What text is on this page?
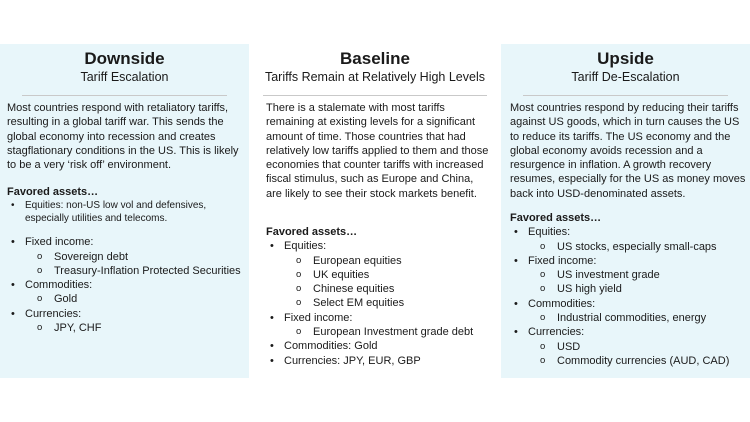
Downside
Tariff Escalation

Most countries respond with retaliatory tariffs, resulting in a global tariff war. This sends the global economy into recession and creates stagflationary conditions in the US. This is likely to be a very ‘risk off’ environment.

Favored assets…
• Equities: non-US low vol and defensives, especially utilities and telecoms.
• Fixed income:
o Sovereign debt
o Treasury-Inflation Protected Securities
• Commodities:
o Gold
• Currencies:
o JPY, CHF
Baseline
Tariffs Remain at Relatively High Levels

There is a stalemate with most tariffs remaining at existing levels for a significant amount of time. Those countries that had relatively low tariffs applied to them and those economies that counter tariffs with increased fiscal stimulus, such as Europe and China, are likely to see their stock markets benefit.

Favored assets…
• Equities:
o European equities
o UK equities
o Chinese equities
o Select EM equities
• Fixed income:
o European Investment grade debt
• Commodities: Gold
• Currencies: JPY, EUR, GBP
Upside
Tariff De-Escalation

Most countries respond by reducing their tariffs against US goods, which in turn causes the US to reduce its tariffs. The US economy and the global economy avoids recession and a resurgence in inflation. A growth recovery resumes, especially for the US as money moves back into USD-denominated assets.

Favored assets…
• Equities:
o US stocks, especially small-caps
• Fixed income:
o US investment grade
o US high yield
• Commodities:
o Industrial commodities, energy
• Currencies:
o USD
o Commodity currencies (AUD, CAD)
